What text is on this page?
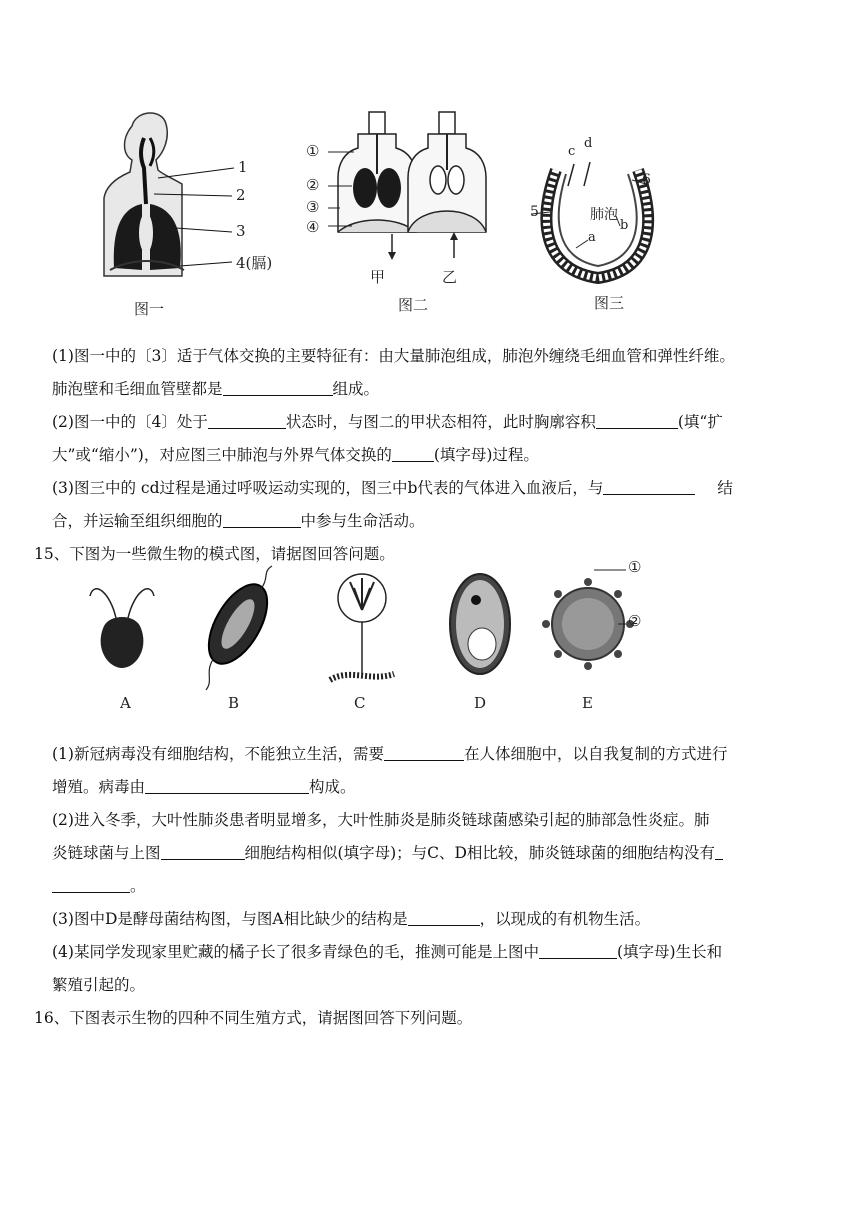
1
2
3
4(膈)
图一
①
②
③
④
甲	乙
图二
c
d
6
肺泡
5
b
a
图三
(1)图一中的〔3〕适于气体交换的主要特征有：由大量肺泡组成，肺泡外缠绕毛细血管和弹性纤维。
肺泡壁和毛细血管壁都是	组成。
(2)图一中的〔4〕处于	状态时，与图二的甲状态相符，此时胸廓容积	(填“扩
大”或“缩小”)，对应图三中肺泡与外界气体交换的	(填字母)过程。
(3)图三中的 cd过程是通过呼吸运动实现的，图三中b代表的气体进入血液后，与	结
合，并运输至组织细胞的	中参与生命活动。
15、下图为一些微生物的模式图，请据图回答问题。
A	B	C	D	E
①
②
(1)新冠病毒没有细胞结构，不能独立生活，需要	在人体细胞中，以自我复制的方式进行
增殖。病毒由	构成。
(2)进入冬季，大叶性肺炎患者明显增多，大叶性肺炎是肺炎链球菌感染引起的肺部急性炎症。肺
炎链球菌与上图	细胞结构相似(填字母)；与C、D相比较，肺炎链球菌的细胞结构没有
。
(3)图中D是酵母菌结构图，与图A相比缺少的结构是	，以现成的有机物生活。
(4)某同学发现家里贮藏的橘子长了很多青绿色的毛，推测可能是上图中	(填字母)生长和
繁殖引起的。
16、下图表示生物的四种不同生殖方式，请据图回答下列问题。
